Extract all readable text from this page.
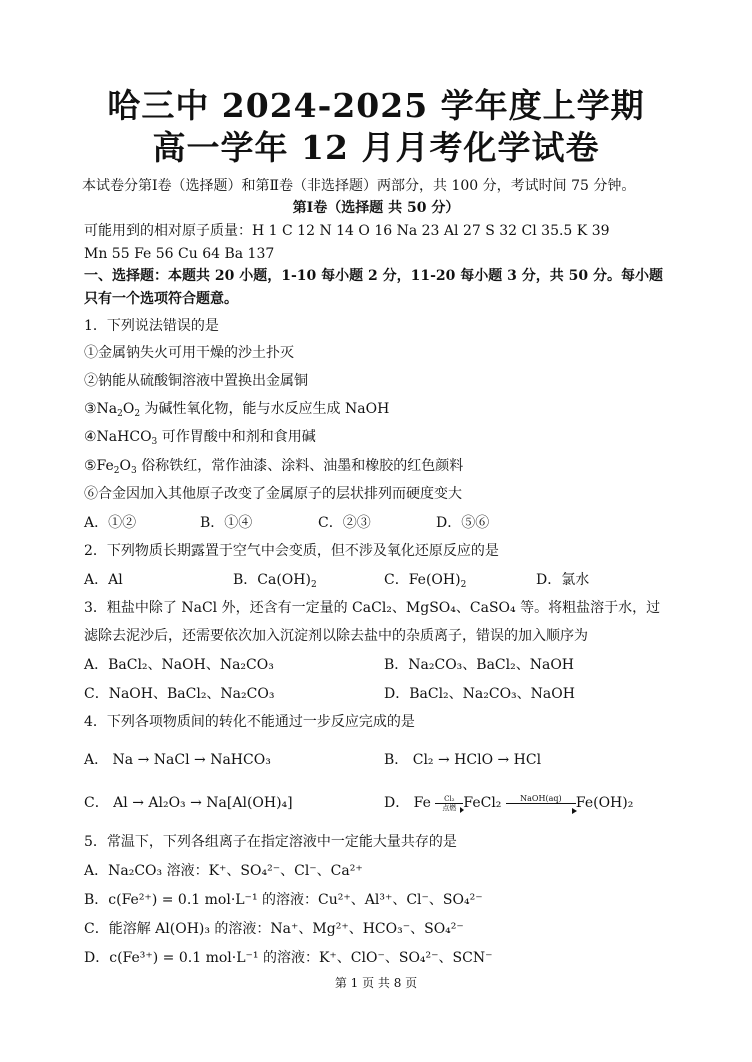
哈三中 2024-2025 学年度上学期
高一学年 12 月月考化学试卷
本试卷分第Ⅰ卷（选择题）和第Ⅱ卷（非选择题）两部分，共 100 分，考试时间 75 分钟。
第Ⅰ卷（选择题 共 50 分）
可能用到的相对原子质量：H 1 C 12 N 14 O 16 Na 23 Al 27 S 32 Cl 35.5 K 39
Mn 55 Fe 56 Cu 64 Ba 137
一、选择题：本题共 20 小题，1-10 每小题 2 分，11-20 每小题 3 分，共 50 分。每小题
只有一个选项符合题意。
1．下列说法错误的是
①金属钠失火可用干燥的沙土扑灭
②钠能从硫酸铜溶液中置换出金属铜
$③Na_2O_2$ 为碱性氧化物，能与水反应生成 NaOH
④NaHCO$_3$ 可作胃酸中和剂和食用碱
$⑤Fe_2O_3$ 俗称铁红，常作油漆、涂料、油墨和橡胶的红色颜料
⑥合金因加入其他原子改变了金属原子的层状排列而硬度变大
A．①②	B．①④	C．②③	D．⑤⑥
2．下列物质长期露置于空气中会变质，但不涉及氧化还原反应的是
A．Al	B．$Ca(OH)_2$	C．$Fe(OH)_2$	D．氯水
3．粗盐中除了 NaCl 外，还含有一定量的 CaCl₂、MgSO₄、CaSO₄ 等。将粗盐溶于水，过
滤除去泥沙后，还需要依次加入沉淀剂以除去盐中的杂质离子，错误的加入顺序为
A．BaCl₂、NaOH、Na₂CO₃	B．Na₂CO₃、BaCl₂、NaOH
C．NaOH、BaCl₂、Na₂CO₃	D．BaCl₂、Na₂CO₃、NaOH
4．下列各项物质间的转化不能通过一步反应完成的是
A． Na → NaCl → NaHCO₃	B． Cl₂ → HClO → HCl
C． Al → Al₂O₃ → Na[Al(OH)₄]	D． Fe Cl₂
点燃 FeCl₂ NaOH(aq) Fe(OH)₂
5．常温下，下列各组离子在指定溶液中一定能大量共存的是
A．Na₂CO₃ 溶液：K⁺、SO₄²⁻、Cl⁻、Ca²⁺
B．c(Fe²⁺) = 0.1 mol·L⁻¹ 的溶液：Cu²⁺、Al³⁺、Cl⁻、SO₄²⁻
C．能溶解 Al(OH)₃ 的溶液：Na⁺、Mg²⁺、HCO₃⁻、SO₄²⁻
D．c(Fe³⁺) = 0.1 mol·L⁻¹ 的溶液：K⁺、ClO⁻、SO₄²⁻、SCN⁻
第 1 页 共 8 页
